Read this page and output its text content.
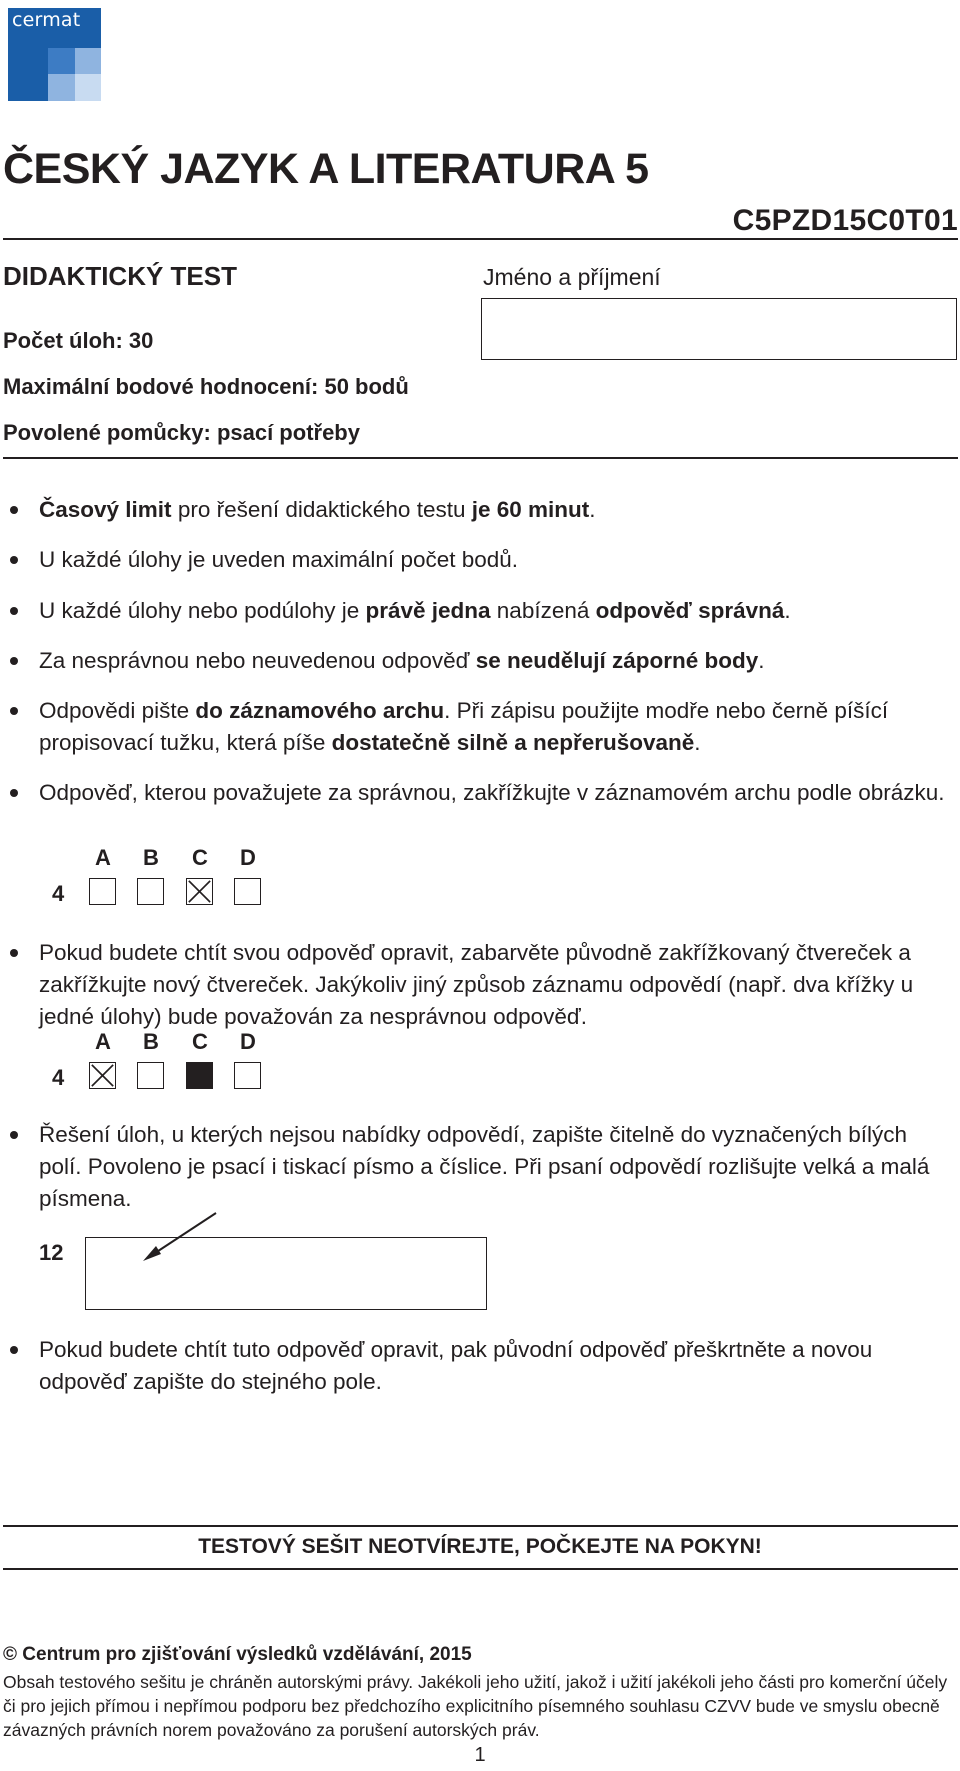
cermat
ČESKÝ JAZYK A LITERATURA 5
C5PZD15C0T01
DIDAKTICKÝ TEST	Jméno a příjmení
Počet úloh: 30
Maximální bodové hodnocení: 50 bodů
Povolené pomůcky: psací potřeby
Časový limit pro řešení didaktického testu je 60 minut.
U každé úlohy je uveden maximální počet bodů.
U každé úlohy nebo podúlohy je právě jedna nabízená odpověď správná.
Za nesprávnou nebo neuvedenou odpověď se neudělují záporné body.
Odpovědi pište do záznamového archu. Při zápisu použijte modře nebo černě píšící propisovací tužku, která píše dostatečně silně a nepřerušovaně.
Odpověď, kterou považujete za správnou, zakřížkujte v záznamovém archu podle obrázku.
A B C D
4
Pokud budete chtít svou odpověď opravit, zabarvěte původně zakřížkovaný čtvereček a zakřížkujte nový čtvereček. Jakýkoliv jiný způsob záznamu odpovědí (např. dva křížky u jedné úlohy) bude považován za nesprávnou odpověď.
A B C D
4
Řešení úloh, u kterých nejsou nabídky odpovědí, zapište čitelně do vyznačených bílých polí. Povoleno je psací i tiskací písmo a číslice. Při psaní odpovědí rozlišujte velká a malá písmena.
12
Pokud budete chtít tuto odpověď opravit, pak původní odpověď přeškrtněte a novou odpověď zapište do stejného pole.
TESTOVÝ SEŠIT NEOTVÍREJTE, POČKEJTE NA POKYN!
© Centrum pro zjišťování výsledků vzdělávání, 2015
Obsah testového sešitu je chráněn autorskými právy. Jakékoli jeho užití, jakož i užití jakékoli jeho části pro komerční účely či pro jejich přímou i nepřímou podporu bez předchozího explicitního písemného souhlasu CZVV bude ve smyslu obecně závazných právních norem považováno za porušení autorských práv.
1
